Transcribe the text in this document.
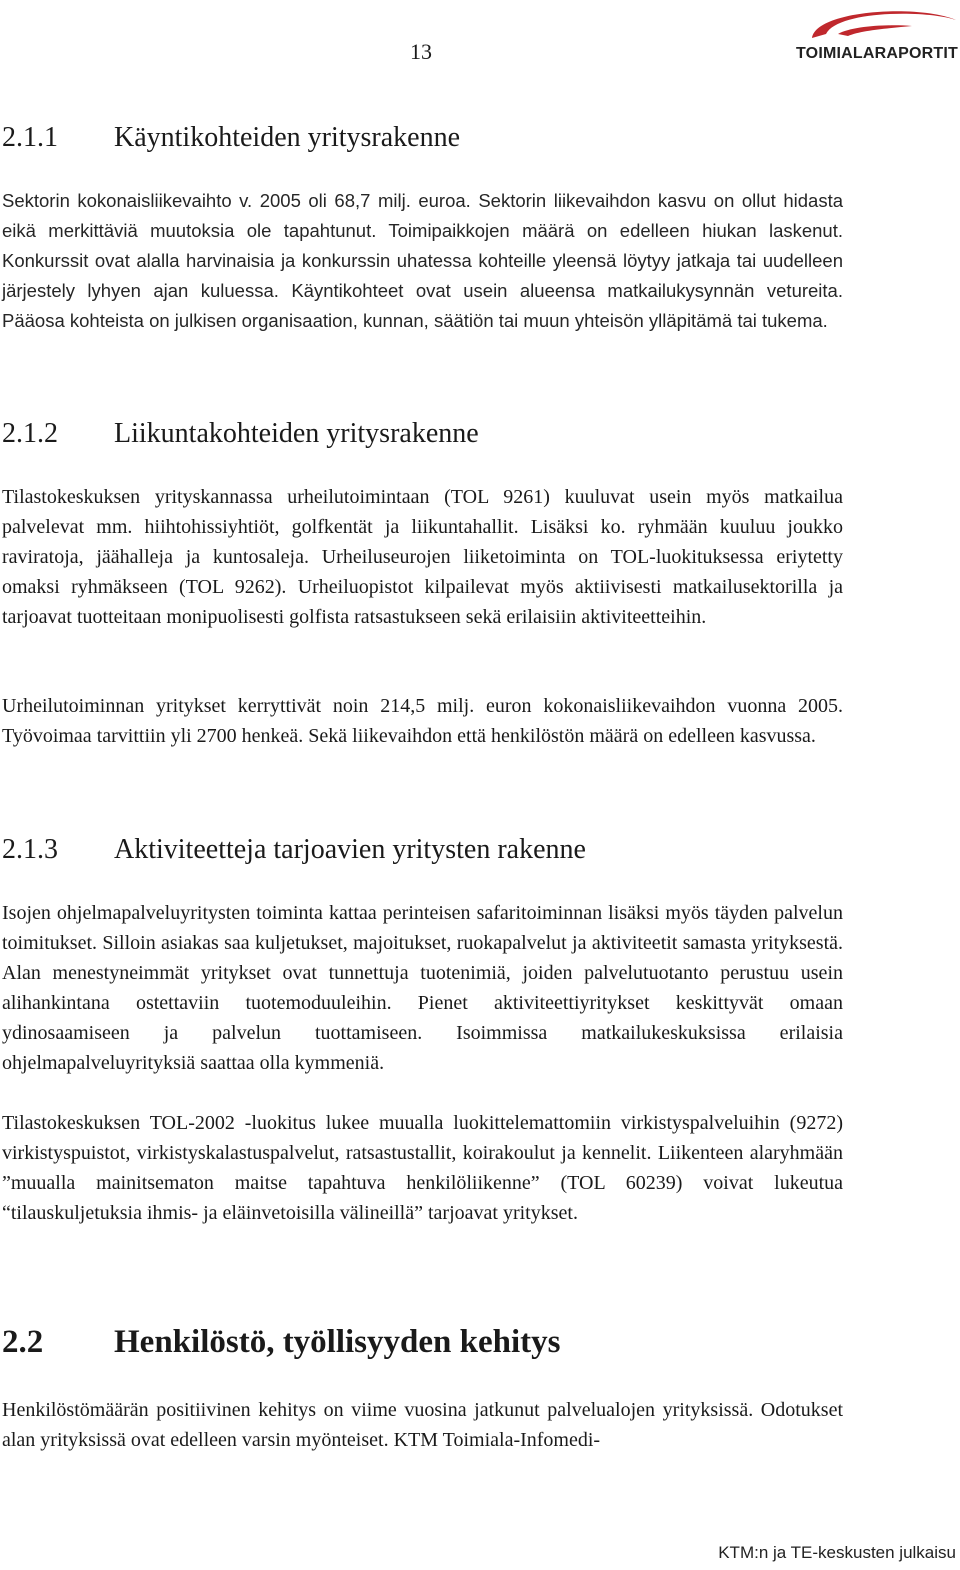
13	TOIMIALARAPORTIT
2.1.1 Käyntikohteiden yritysrakenne

Sektorin kokonaisliikevaihto v. 2005 oli 68,7 milj. euroa. Sektorin liikevaihdon kasvu on ollut hidasta eikä merkittäviä muutoksia ole tapahtunut. Toimipaikkojen määrä on edelleen hiukan laskenut. Konkurssit ovat alalla harvinaisia ja konkurssin uhatessa kohteille yleensä löytyy jatkaja tai uudelleen järjestely lyhyen ajan kuluessa. Käyntikohteet ovat usein alueensa matkailukysynnän vetureita. Pääosa kohteista on julkisen organisaation, kunnan, säätiön tai muun yhteisön ylläpitämä tai tukema.

2.1.2 Liikuntakohteiden yritysrakenne

Tilastokeskuksen yrityskannassa urheilutoimintaan (TOL 9261) kuuluvat usein myös matkailua palvelevat mm. hiihtohissiyhtiöt, golfkentät ja liikuntahallit. Lisäksi ko. ryhmään kuuluu joukko raviratoja, jäähalleja ja kuntosaleja. Urheiluseurojen liiketoiminta on TOL-luokituksessa eriytetty omaksi ryhmäkseen (TOL 9262). Urheiluopistot kilpailevat myös aktiivisesti matkailusektorilla ja tarjoavat tuotteitaan monipuolisesti golfista ratsastukseen sekä erilaisiin aktiviteetteihin.

Urheilutoiminnan yritykset kerryttivät noin 214,5 milj. euron kokonaisliikevaihdon vuonna 2005. Työvoimaa tarvittiin yli 2700 henkeä. Sekä liikevaihdon että henkilöstön määrä on edelleen kasvussa.

2.1.3 Aktiviteetteja tarjoavien yritysten rakenne

Isojen ohjelmapalveluyritysten toiminta kattaa perinteisen safaritoiminnan lisäksi myös täyden palvelun toimitukset. Silloin asiakas saa kuljetukset, majoitukset, ruokapalvelut ja aktiviteetit samasta yrityksestä. Alan menestyneimmät yritykset ovat tunnettuja tuotenimiä, joiden palvelutuotanto perustuu usein alihankintana ostettaviin tuotemoduuleihin. Pienet aktiviteettiyritykset keskittyvät omaan ydinosaamiseen ja palvelun tuottamiseen. Isoimmissa matkailukeskuksissa erilaisia ohjelmapalveluyrityksiä saattaa olla kymmeniä.

Tilastokeskuksen TOL-2002 -luokitus lukee muualla luokittelemattomiin virkistyspalveluihin (9272) virkistyspuistot, virkistyskalastuspalvelut, ratsastustallit, koirakoulut ja kennelit. Liikenteen alaryhmään ”muualla mainitsematon maitse tapahtuva henkilöliikenne” (TOL 60239) voivat lukeutua “tilauskuljetuksia ihmis- ja eläinvetoisilla välineillä” tarjoavat yritykset.

2.2 Henkilöstö, työllisyyden kehitys

Henkilöstömäärän positiivinen kehitys on viime vuosina jatkunut palvelualojen yrityksissä. Odotukset alan yrityksissä ovat edelleen varsin myönteiset. KTM Toimiala-Infomedi-

KTM:n ja TE-keskusten julkaisu
